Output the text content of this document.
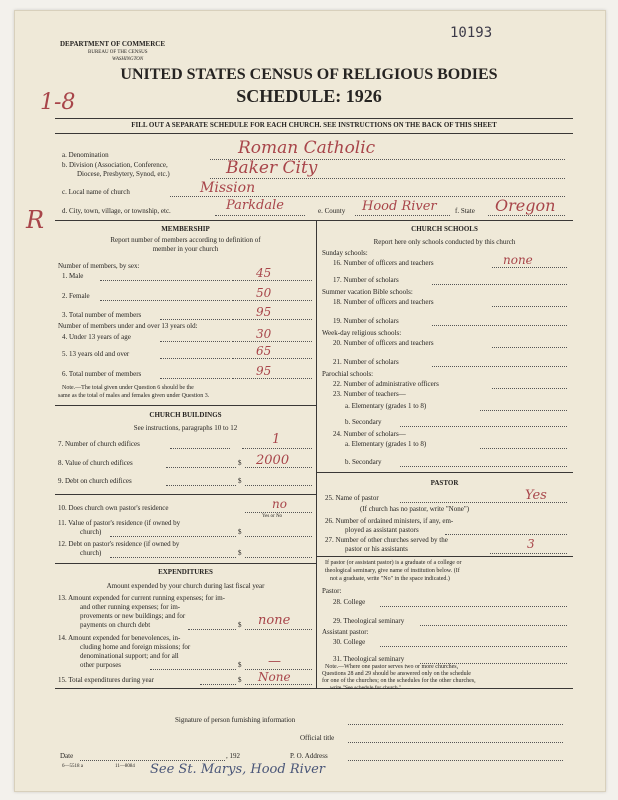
DEPARTMENT OF COMMERCE
BUREAU OF THE CENSUS
WASHINGTON
10193
UNITED STATES CENSUS OF RELIGIOUS BODIES
SCHEDULE: 1926
1-8
R
FILL OUT A SEPARATE SCHEDULE FOR EACH CHURCH. SEE INSTRUCTIONS ON THE BACK OF THIS SHEET
a. Denomination	Roman Catholic
b. Division (Association, Conference,
Diocese, Presbytery, Synod, etc.)	Baker City
c. Local name of church	Mission
d. City, town, village, or township, etc.	Parkdale	e. County Hood River	f. State Oregon
MEMBERSHIP
Report number of members according to definition of
member in your church
Number of members, by sex:
1. Male	45
2. Female	50
3. Total number of members	95
Number of members under and over 13 years old:
4. Under 13 years of age	30
5. 13 years old and over	65
6. Total number of members	95
Note.—The total given under Question 6 should be the
same as the total of males and females given under Question 3.
CHURCH BUILDINGS
See instructions, paragraphs 10 to 12
7. Number of church edifices	1
8. Value of church edifices	$ 2000
9. Debt on church edifices	$
10. Does church own pastor's residence	no
Yes or No
11. Value of pastor's residence (if owned by
church)	$
12. Debt on pastor's residence (if owned by
church)	$
EXPENDITURES
Amount expended by your church during last fiscal year
13. Amount expended for current running expenses; for im-
and other running expenses; for im-
provements or new buildings; and for
payments on church debt	$ none
14. Amount expended for benevolences, in-
cluding home and foreign missions; for
denominational support; and for all
other purposes	$ —
15. Total expenditures during year	$ None
CHURCH SCHOOLS
Report here only schools conducted by this church
Sunday schools:
16. Number of officers and teachers	none
17. Number of scholars
Summer vacation Bible schools:
18. Number of officers and teachers
19. Number of scholars
Week-day religious schools:
20. Number of officers and teachers
21. Number of scholars
Parochial schools:
22. Number of administrative officers
23. Number of teachers—
a. Elementary (grades 1 to 8)
b. Secondary
24. Number of scholars—
a. Elementary (grades 1 to 8)
b. Secondary
PASTOR
25. Name of pastor	Yes
(If church has no pastor, write "None")
26. Number of ordained ministers, if any, em-
ployed as assistant pastors
27. Number of other churches served by the
pastor or his assistants	3
If pastor (or assistant pastor) is a graduate of a college or
theological seminary, give name of institution below. (If
not a graduate, write "No" in the space indicated.)
Pastor:
28. College
29. Theological seminary
Assistant pastor:
30. College
31. Theological seminary
Note.—Where one pastor serves two or more churches,
Questions 28 and 29 should be answered only on the schedule
for one of the churches; on the schedules for the other churches,
write "See schedule for church."
Signature of person furnishing information
Official title
Date	, 192	P. O. Address
6—5518 a	11—8084 See St. Marys, Hood River
